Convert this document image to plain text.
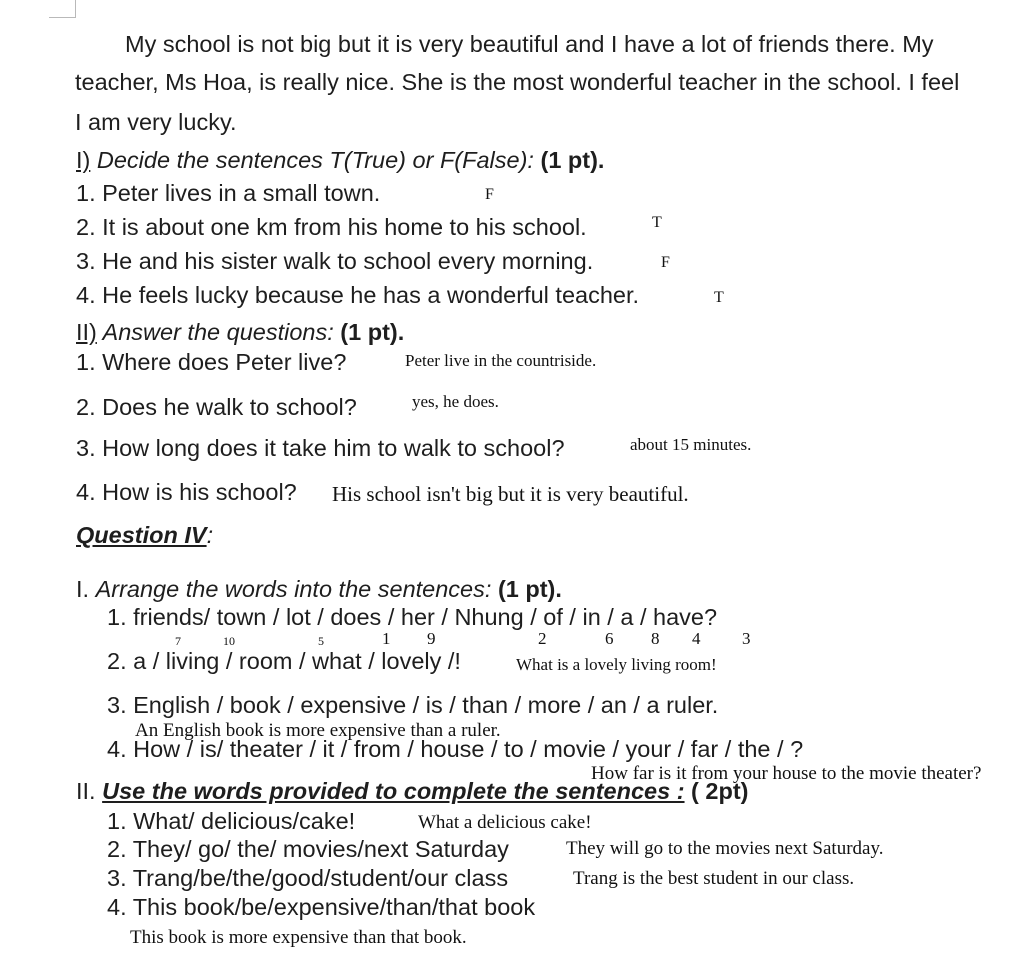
My school is not big but it is very beautiful and I have a lot of friends there. My
teacher, Ms Hoa, is really nice. She is the most wonderful teacher in the school. I feel
I am very lucky.
I) Decide the sentences T(True) or F(False): (1 pt).
1. Peter lives in a small town.	F
2. It is about one km from his home to his school.	T
3. He and his sister walk to school every morning.	F
4. He feels lucky because he has a wonderful teacher.	T
II) Answer the questions: (1 pt).
1. Where does Peter live?	Peter live in the countriside.
2. Does he walk to school?	yes, he does.
3. How long does it take him to walk to school?	about 15 minutes.
4. How is his school? His school isn't big but it is very beautiful.
Question IV:
I. Arrange the words into the sentences: (1 pt).
1. friends/ town / lot / does / her / Nhung / of / in / a / have?
7	10	5	1 9	2	6 8 4 3
2. a / living / room / what / lovely /!	What is a lovely living room!
3. English / book / expensive / is / than / more / an / a ruler.
An English book is more expensive than a ruler.
4. How / is/ theater / it / from / house / to / movie / your / far / the / ?
How far is it from your house to the movie theater?
II. Use the words provided to complete the sentences : ( 2pt)
1. What/ delicious/cake!	What a delicious cake!
2. They/ go/ the/ movies/next Saturday	They will go to the movies next Saturday.
3. Trang/be/the/good/student/our class	Trang is the best student in our class.
4. This book/be/expensive/than/that book
This book is more expensive than that book.
